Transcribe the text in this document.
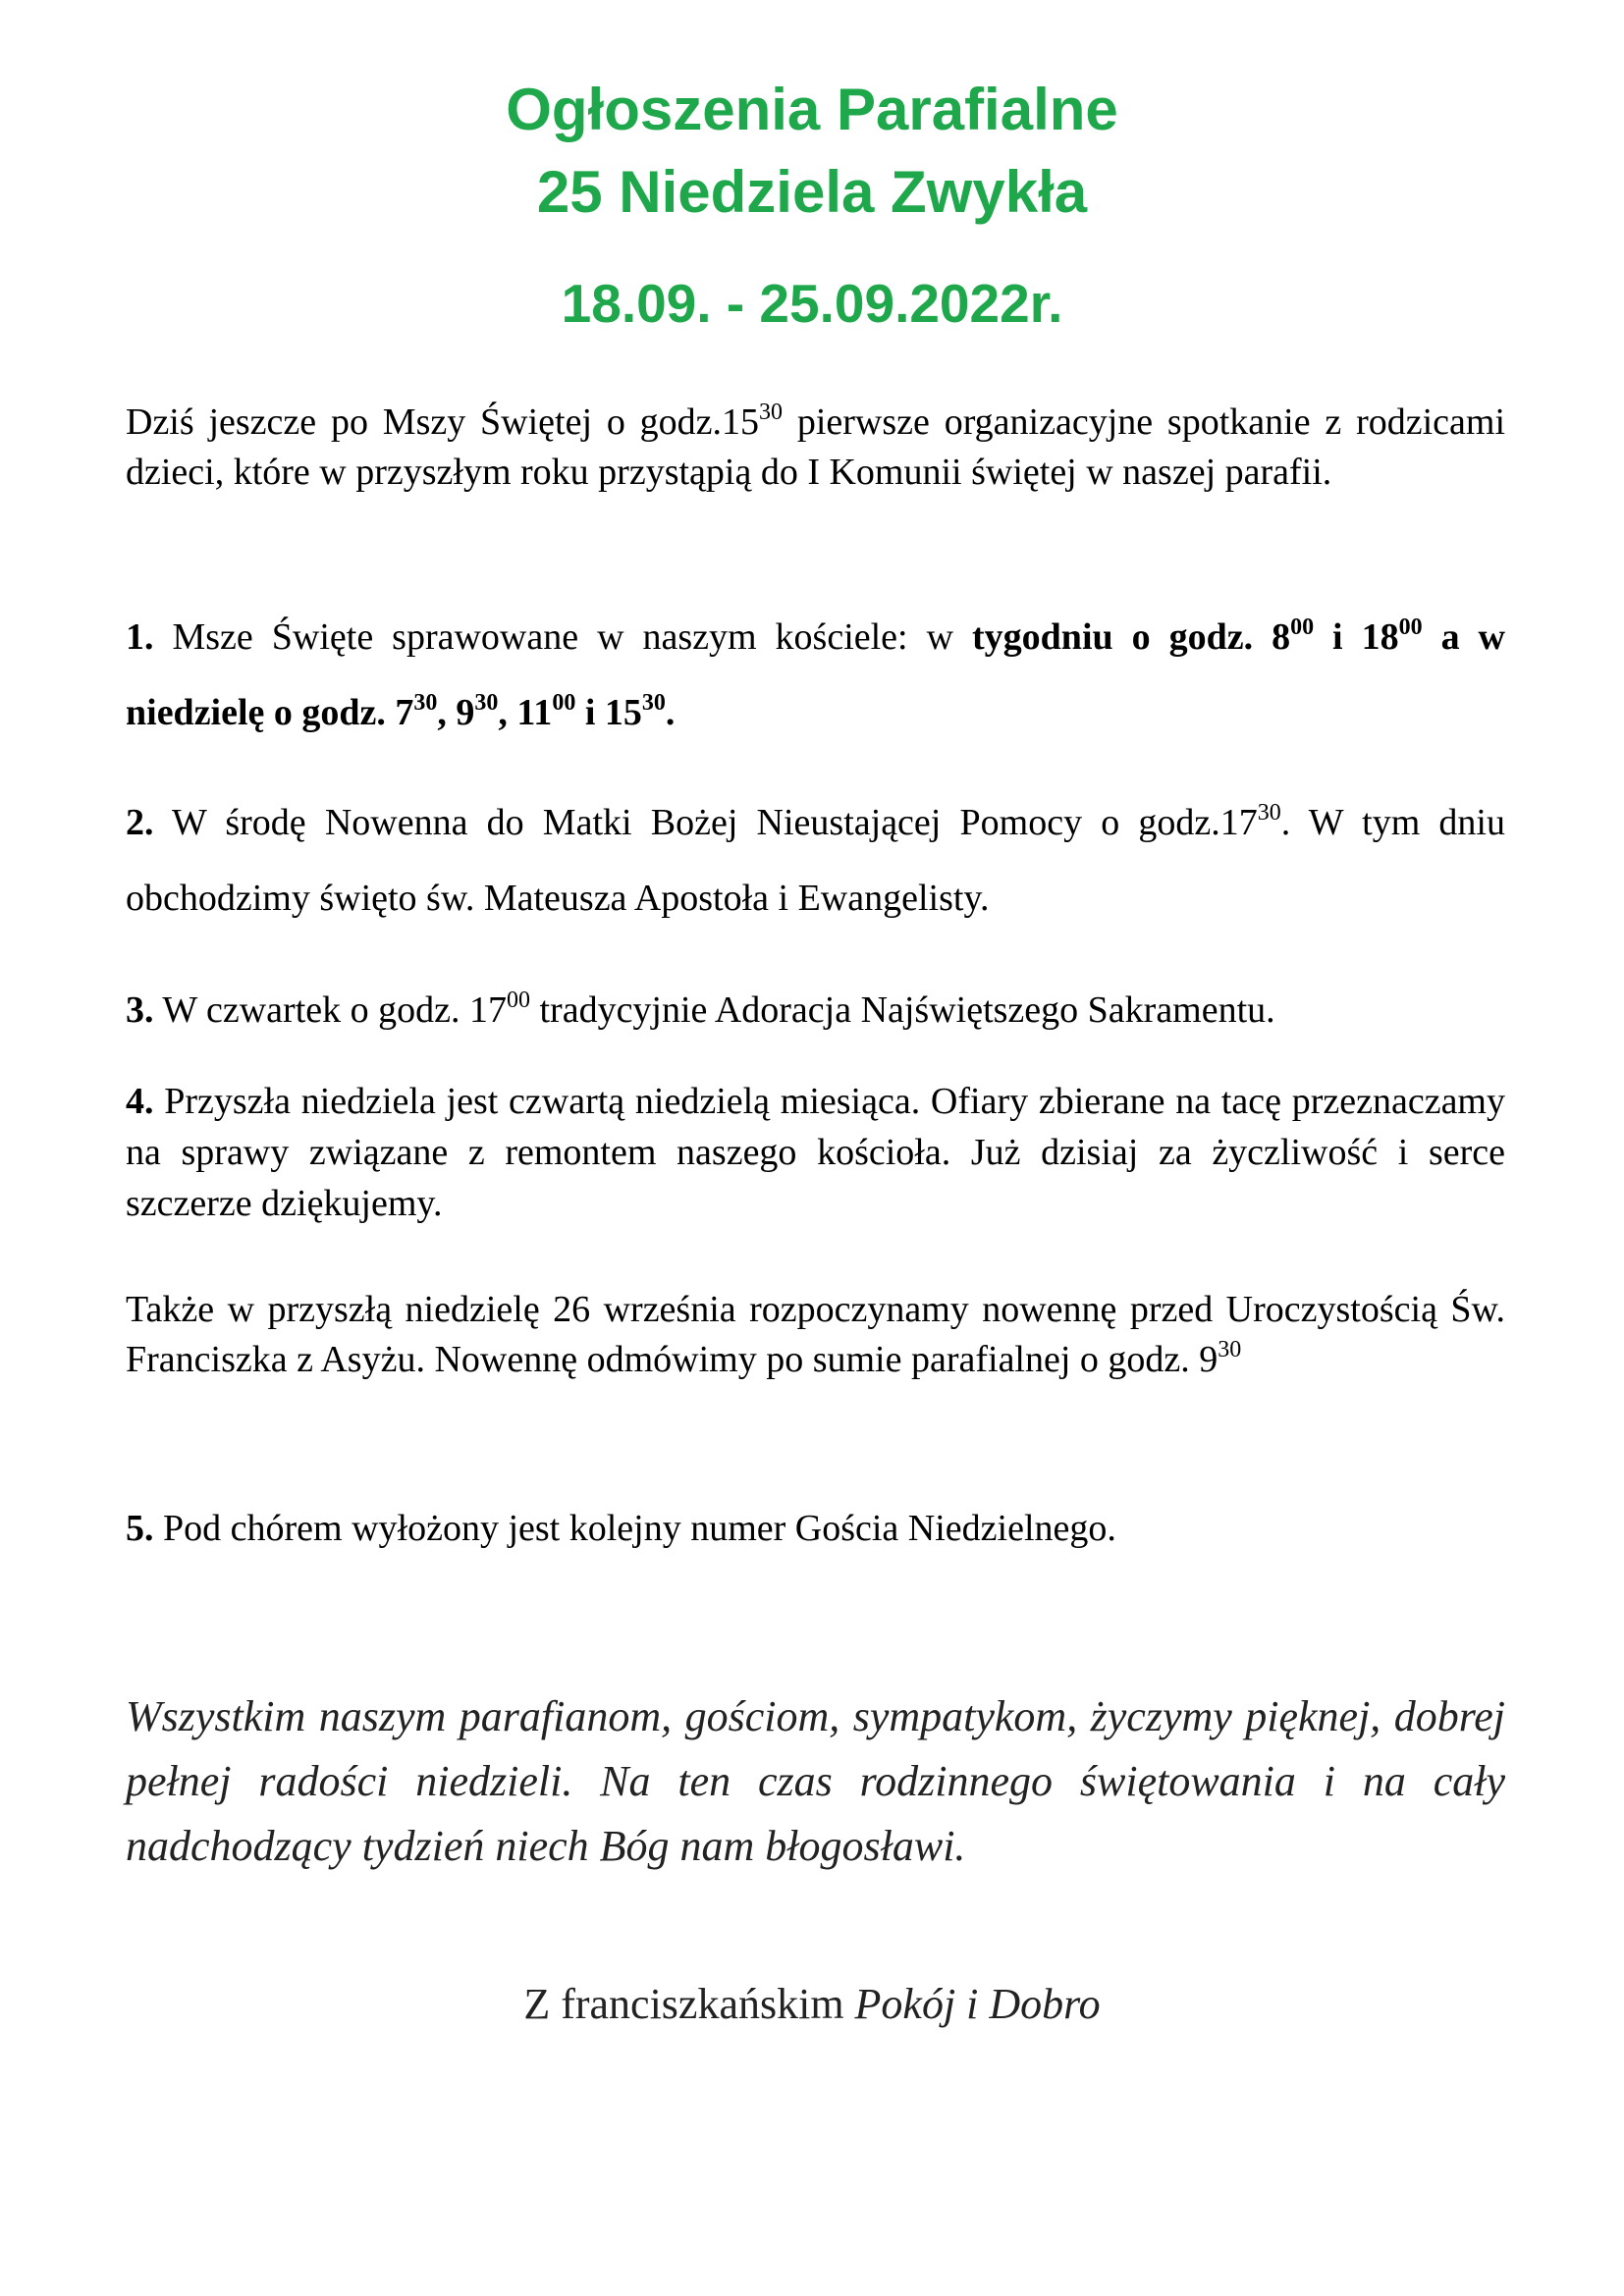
Ogłoszenia Parafialne
25 Niedziela Zwykła
18.09. - 25.09.2022r.
Dziś jeszcze po Mszy Świętej o $godz.15^{30}$ pierwsze organizacyjne spotkanie z rodzicami dzieci, które w przyszłym roku przystąpią do I Komunii świętej w naszej parafii.
1. Msze Święte sprawowane w naszym kościele: w tygodniu o godz. $8^{00}$ i $18^{00}$ a w niedzielę o godz. $7^{30}$, $9^{30}$, $11^{00}$ i $15^{30}$.
2. W środę Nowenna do Matki Bożej Nieustającej Pomocy o $godz.17^{30}$. W tym dniu obchodzimy święto św. Mateusza Apostoła i Ewangelisty.
3. W czwartek o godz. $17^{00}$ tradycyjnie Adoracja Najświętszego Sakramentu.
4. Przyszła niedziela jest czwartą niedzielą miesiąca. Ofiary zbierane na tacę przeznaczamy na sprawy związane z remontem naszego kościoła. Już dzisiaj za życzliwość i serce szczerze dziękujemy.
Także w przyszłą niedzielę 26 września rozpoczynamy nowennę przed Uroczystością Św. Franciszka z Asyżu. Nowennę odmówimy po sumie parafialnej o godz. $9^{30}$
5. Pod chórem wyłożony jest kolejny numer Gościa Niedzielnego.
Wszystkim naszym parafianom, gościom, sympatykom, życzymy pięknej, dobrej pełnej radości niedzieli. Na ten czas rodzinnego świętowania i na cały nadchodzący tydzień niech Bóg nam błogosławi.
Z franciszkańskim Pokój i Dobro
